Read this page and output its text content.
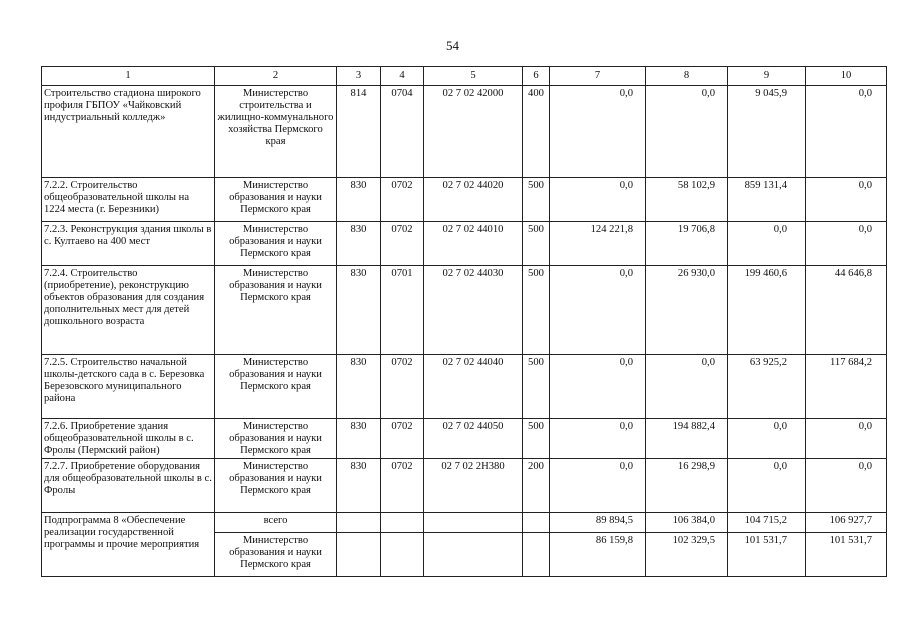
54
1	2	3	4	5	6	7	8	9	10
Строительство стадиона широкого профиля ГБПОУ «Чайковский индустриальный колледж»	Министерство строительства и жилищно-коммунального хозяйства Пермского края	814	0704	02 7 02 42000	400	0,0	0,0	9 045,9	0,0
7.2.2. Строительство общеобразовательной школы на 1224 места (г. Березники)	Министерство образования и науки Пермского края	830	0702	02 7 02 44020	500	0,0	58 102,9	859 131,4	0,0
7.2.3. Реконструкция здания школы в с. Култаево на 400 мест	Министерство образования и науки Пермского края	830	0702	02 7 02 44010	500	124 221,8	19 706,8	0,0	0,0
7.2.4. Строительство (приобретение), реконструкцию объектов образования для создания дополнительных мест для детей дошкольного возраста	Министерство образования и науки Пермского края	830	0701	02 7 02 44030	500	0,0	26 930,0	199 460,6	44 646,8
7.2.5. Строительство начальной школы-детского сада в с. Березовка Березовского муниципального района	Министерство образования и науки Пермского края	830	0702	02 7 02 44040	500	0,0	0,0	63 925,2	117 684,2
7.2.6. Приобретение здания общеобразовательной школы в с. Фролы (Пермский район)	Министерство образования и науки Пермского края	830	0702	02 7 02 44050	500	0,0	194 882,4	0,0	0,0
7.2.7. Приобретение оборудования для общеобразовательной школы в с. Фролы	Министерство образования и науки Пермского края	830	0702	02 7 02 2Н380	200	0,0	16 298,9	0,0	0,0
Подпрограмма 8 «Обеспечение реализации государственной программы и прочие мероприятия	всего					89 894,5	106 384,0	104 715,2	106 927,7
	Министерство образования и науки Пермского края					86 159,8	102 329,5	101 531,7	101 531,7
